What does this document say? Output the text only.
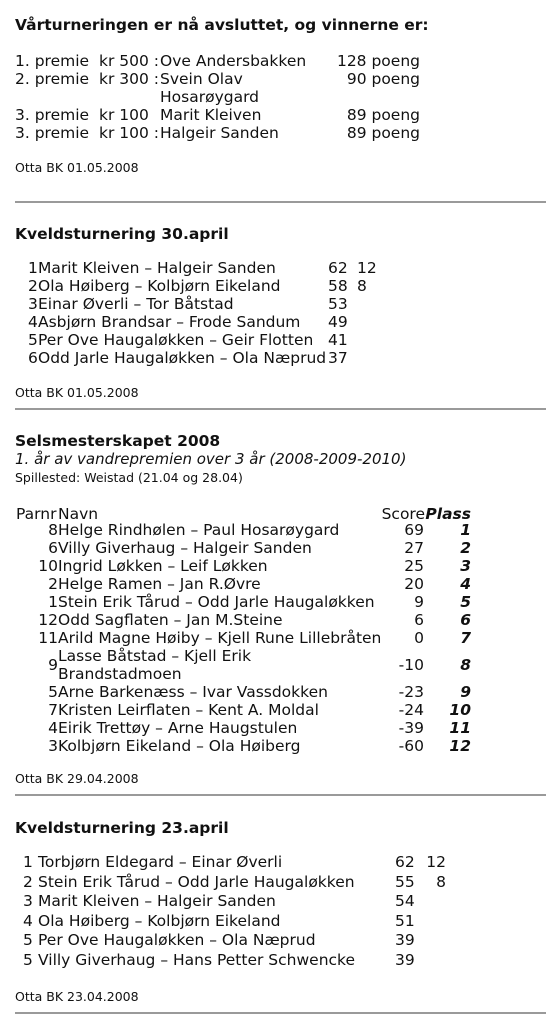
Vårturneringen er nå avsluttet, og vinnerne er:
1. premie kr 500 : Ove Andersbakken 128 poeng
2. premie kr 300 : Svein Olav	90 poeng
Hosarøygard
3. premie kr 100 Marit Kleiven	89 poeng
3. premie kr 100 : Halgeir Sanden	89 poeng
Otta BK 01.05.2008
Kveldsturnering 30.april
1 Marit Kleiven – Halgeir Sanden	62 12
2 Ola Høiberg – Kolbjørn Eikeland	58 8
3 Einar Øverli – Tor Båtstad	53
4 Asbjørn Brandsar – Frode Sandum 49
5 Per Ove Haugaløkken – Geir Flotten 41
6 Odd Jarle Haugaløkken – Ola Næprud 37
Otta BK 01.05.2008
Selsmesterskapet 2008
1. år av vandrepremien over 3 år (2008-2009-2010)
Spillested: Weistad (21.04 og 28.04)
Parnr Navn	Score Plass
8 Helge Rindhølen – Paul Hosarøygard	69 1
6 Villy Giverhaug – Halgeir Sanden	27 2
10 Ingrid Løkken – Leif Løkken	25 3
2 Helge Ramen – Jan R.Øvre	20 4
1 Stein Erik Tårud – Odd Jarle Haugaløkken	9 5
12 Odd Sagflaten – Jan M.Steine	6 6
11 Arild Magne Høiby – Kjell Rune Lillebråten 0 7
9 Lasse Båtstad – Kjell Erik
Brandstadmoen	-10 8
5 Arne Barkenæss – Ivar Vassdokken	-23 9
7 Kristen Leirflaten – Kent A. Moldal	-24 10
4 Eirik Trettøy – Arne Haugstulen	-39 11
3 Kolbjørn Eikeland – Ola Høiberg	-60 12
Otta BK 29.04.2008
Kveldsturnering 23.april
1 Torbjørn Eldegard – Einar Øverli	62 12
2 Stein Erik Tårud – Odd Jarle Haugaløkken	55 8
3 Marit Kleiven – Halgeir Sanden	54
4 Ola Høiberg – Kolbjørn Eikeland	51
5 Per Ove Haugaløkken – Ola Næprud	39
5 Villy Giverhaug – Hans Petter Schwencke	39
Otta BK 23.04.2008
